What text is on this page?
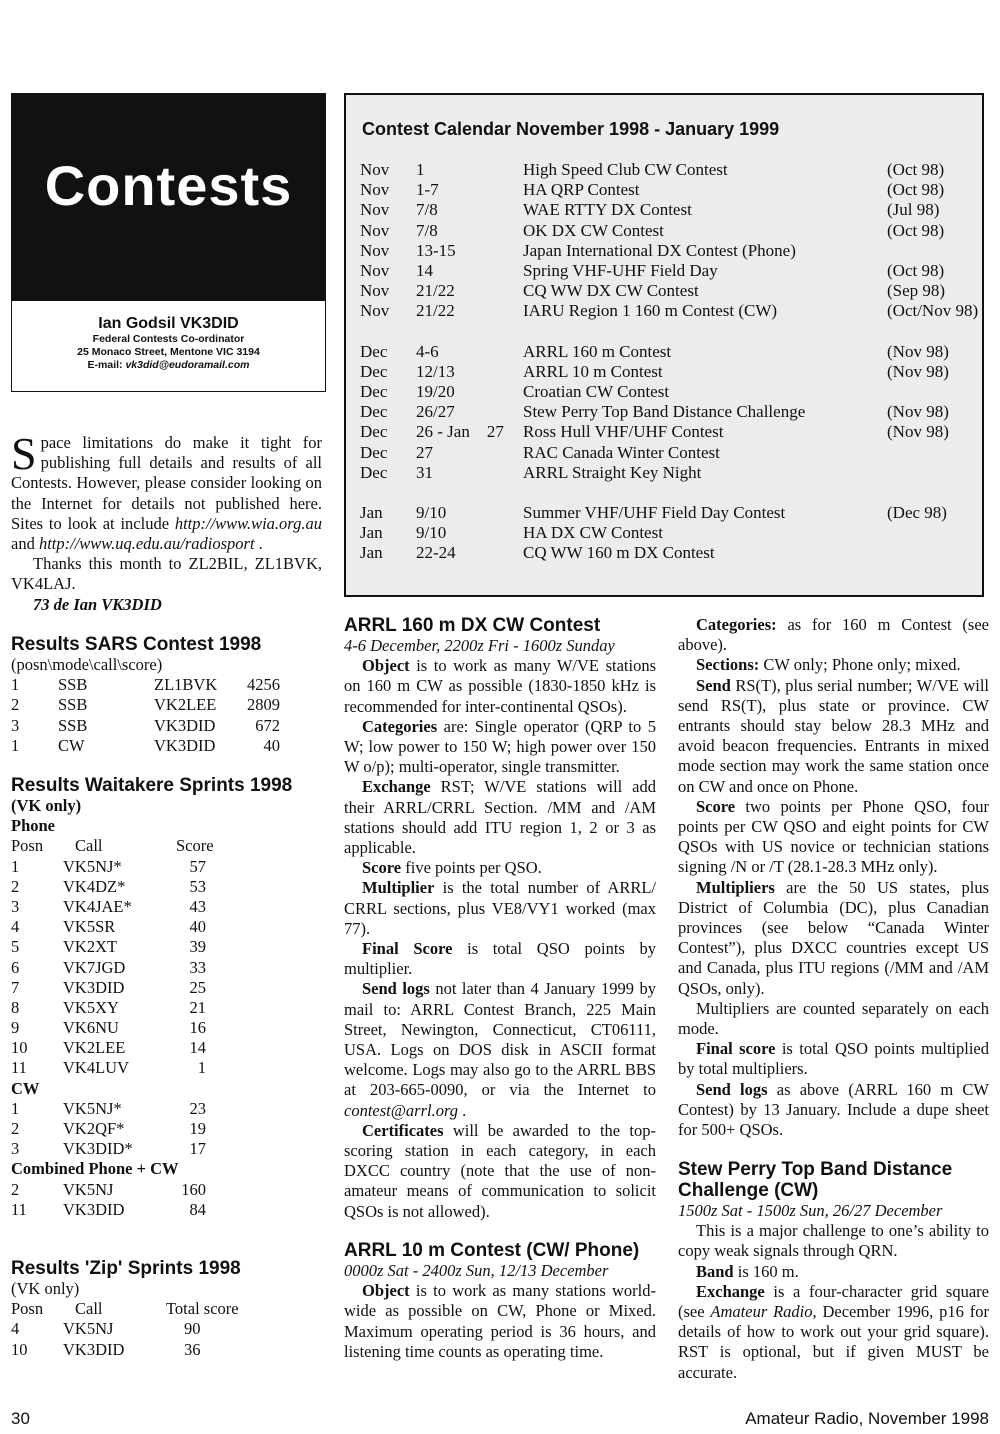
Contests
Ian Godsil VK3DID
Federal Contests Co-ordinator
25 Monaco Street, Mentone VIC 3194
E-mail: vk3did@eudoramail.com

Space limitations do make it tight for publishing full details and results of all Contests. However, please consider looking on the Internet for details not published here. Sites to look at include http://www.wia.org.au and http://www.uq.edu.au/radiosport .

Thanks this month to ZL2BIL, ZL1BVK, VK4LAJ.

73 de Ian VK3DID

Results SARS Contest 1998
(posn\mode\call\score)
1 SSB	ZL1BVK 4256
2 SSB	VK2LEE 2809
3 SSB	VK3DID 672
1 CW	VK3DID	40
Results Waitakere Sprints 1998
(VK only)
Phone
Posn Call	Score
1	VK5NJ*	57
2	VK4DZ*	53
3	VK4JAE*	43
4	VK5SR	40
5	VK2XT	39
6	VK7JGD	33
7	VK3DID	25
8	VK5XY	21
9	VK6NU	16
10 VK2LEE	14
11 VK4LUV	1
CW
1	VK5NJ*	23
2	VK2QF*	19
3	VK3DID*	17
Combined Phone + CW
2	VK5NJ	160
11 VK3DID	84
Results 'Zip' Sprints 1998
(VK only)
Posn Call	Total score
4	VK5NJ	90
10 VK3DID	36
Contest Calendar November 1998 - January 1999
Nov 1	High Speed Club CW Contest	(Oct 98)
Nov 1-7	HA QRP Contest	(Oct 98)
Nov 7/8	WAE RTTY DX Contest	(Jul 98)
Nov 7/8	OK DX CW Contest	(Oct 98)
Nov 13-15	Japan International DX Contest (Phone)
Nov 14	Spring VHF-UHF Field Day	(Oct 98)
Nov 21/22	CQ WW DX CW Contest	(Sep 98)
Nov 21/22	IARU Region 1 160 m Contest (CW)	(Oct/Nov 98)
Dec 4-6	ARRL 160 m Contest	(Nov 98)
Dec 12/13	ARRL 10 m Contest	(Nov 98)
Dec 19/20	Croatian CW Contest
Dec 26/27	Stew Perry Top Band Distance Challenge	(Nov 98)
Dec 26 - Jan    27 Ross Hull VHF/UHF Contest	(Nov 98)
Dec 27	RAC Canada Winter Contest
Dec 31	ARRL Straight Key Night
Jan 9/10	Summer VHF/UHF Field Day Contest	(Dec 98)
Jan 9/10	HA DX CW Contest
Jan 22-24	CQ WW 160 m DX Contest
ARRL 160 m DX CW Contest

4-6 December, 2200z Fri - 1600z Sunday

Object is to work as many W/VE stations on 160 m CW as possible (1830-1850 kHz is recommended for inter-continental QSOs).

Categories are: Single operator (QRP to 5 W; low power to 150 W; high power over 150 W o/p); multi-operator, single transmitter.

Exchange RST; W/VE stations will add their ARRL/CRRL Section. /MM and /AM stations should add ITU region 1, 2 or 3 as applicable.

Score five points per QSO.

Multiplier is the total number of ARRL/ CRRL sections, plus VE8/VY1 worked (max 77).

Final Score is total QSO points by multiplier.

Send logs not later than 4 January 1999 by mail to: ARRL Contest Branch, 225 Main Street, Newington, Connecticut, CT06111, USA. Logs on DOS disk in ASCII format welcome. Logs may also go to the ARRL BBS at 203-665-0090, or via the Internet to contest@arrl.org .

Certificates will be awarded to the top-scoring station in each category, in each DXCC country (note that the use of non-amateur means of communication to solicit QSOs is not allowed).

ARRL 10 m Contest (CW/ Phone)

0000z Sat - 2400z Sun, 12/13 December

Object is to work as many stations world-wide as possible on CW, Phone or Mixed. Maximum operating period is 36 hours, and listening time counts as operating time.

Categories: as for 160 m Contest (see above).

Sections: CW only; Phone only; mixed.

Send RS(T), plus serial number; W/VE will send RS(T), plus state or province. CW entrants should stay below 28.3 MHz and avoid beacon frequencies. Entrants in mixed mode section may work the same station once on CW and once on Phone.

Score two points per Phone QSO, four points per CW QSO and eight points for CW QSOs with US novice or technician stations signing /N or /T (28.1-28.3 MHz only).

Multipliers are the 50 US states, plus District of Columbia (DC), plus Canadian provinces (see below “Canada Winter Contest”), plus DXCC countries except US and Canada, plus ITU regions (/MM and /AM QSOs, only).

Multipliers are counted separately on each mode.

Final score is total QSO points multiplied by total multipliers.

Send logs as above (ARRL 160 m CW Contest) by 13 January. Include a dupe sheet for 500+ QSOs.

Stew Perry Top Band Distance Challenge (CW)

1500z Sat - 1500z Sun, 26/27 December

This is a major challenge to one’s ability to copy weak signals through QRN.

Band is 160 m.

Exchange is a four-character grid square (see Amateur Radio, December 1996, p16 for details of how to work out your grid square). RST is optional, but if given MUST be accurate.

30	Amateur Radio, November 1998
